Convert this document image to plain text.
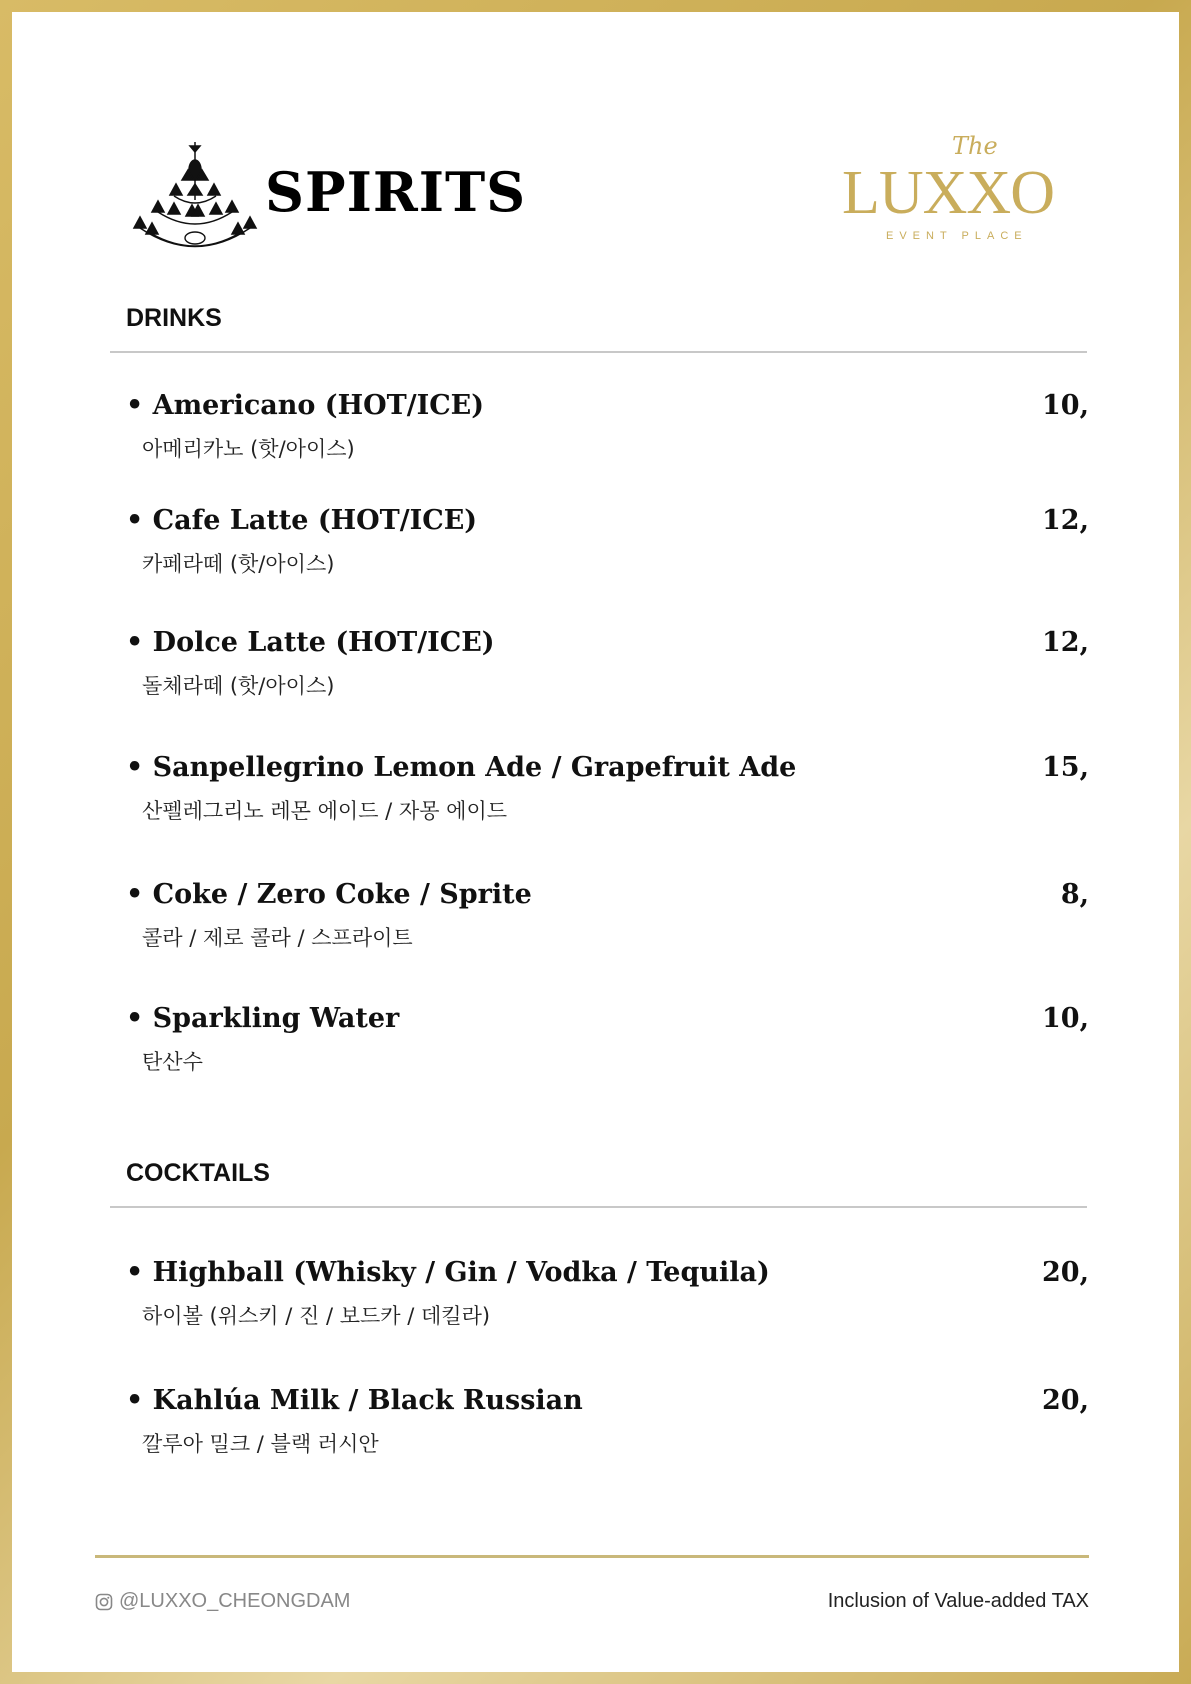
SPIRITS
The
LUXXO
EVENT PLACE
DRINKS
• Americano (HOT/ICE)	10,
아메리카노 (핫/아이스)
• Cafe Latte (HOT/ICE)	12,
카페라떼 (핫/아이스)
• Dolce Latte (HOT/ICE)	12,
돌체라떼 (핫/아이스)
• Sanpellegrino Lemon Ade / Grapefruit Ade	15,
산펠레그리노 레몬 에이드 / 자몽 에이드
• Coke / Zero Coke / Sprite	8,
콜라 / 제로 콜라 / 스프라이트
• Sparkling Water	10,
탄산수
COCKTAILS
• Highball (Whisky / Gin / Vodka / Tequila)	20,
하이볼 (위스키 / 진 / 보드카 / 데킬라)
• Kahlúa Milk / Black Russian	20,
깔루아 밀크 / 블랙 러시안
@LUXXO_CHEONGDAM	Inclusion of Value-added TAX
